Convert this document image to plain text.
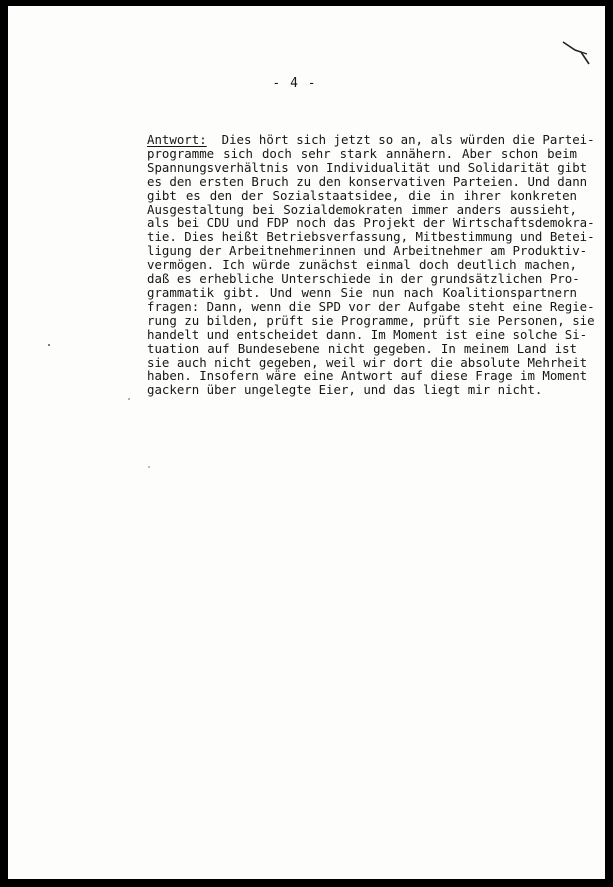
- 4 -
Antwort:  Dies hört sich jetzt so an, als würden die Partei-
programme sich doch sehr stark annähern. Aber schon beim
Spannungsverhältnis von Individualität und Solidarität gibt
es den ersten Bruch zu den konservativen Parteien. Und dann
gibt es den der Sozialstaatsidee, die in ihrer konkreten
Ausgestaltung bei Sozialdemokraten immer anders aussieht,
als bei CDU und FDP noch das Projekt der Wirtschaftsdemokra-
tie. Dies heißt Betriebsverfassung, Mitbestimmung und Betei-
ligung der Arbeitnehmerinnen und Arbeitnehmer am Produktiv-
vermögen. Ich würde zunächst einmal doch deutlich machen,
daß es erhebliche Unterschiede in der grundsätzlichen Pro-
grammatik gibt. Und wenn Sie nun nach Koalitionspartnern
fragen: Dann, wenn die SPD vor der Aufgabe steht eine Regie-
rung zu bilden, prüft sie Programme, prüft sie Personen, sie
handelt und entscheidet dann. Im Moment ist eine solche Si-
tuation auf Bundesebene nicht gegeben. In meinem Land ist
sie auch nicht gegeben, weil wir dort die absolute Mehrheit
haben. Insofern wäre eine Antwort auf diese Frage im Moment
gackern über ungelegte Eier, und das liegt mir nicht.
